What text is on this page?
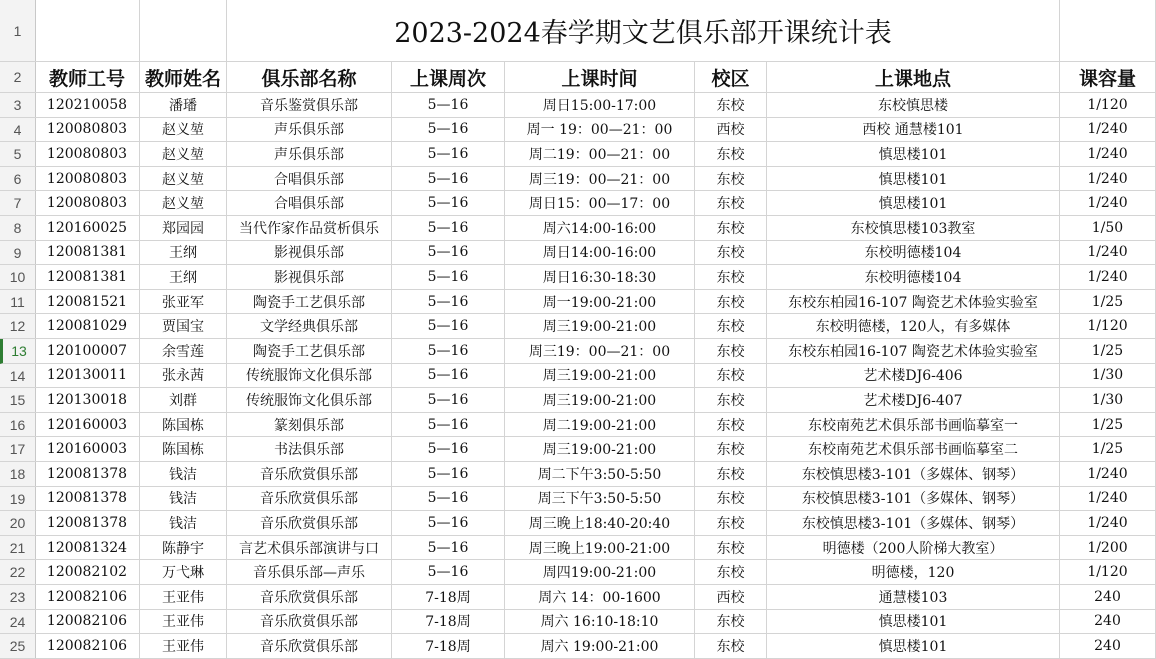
1
2
3
4
5
6
7
8
9
10
11
12
13
14
15
16
17
18
19
20
21
22
23
24
25
2023-2024春学期文艺俱乐部开课统计表
教师工号	教师姓名	俱乐部名称	上课周次	上课时间	校区	上课地点	课容量
120210058	潘璠	音乐鉴赏俱乐部	5—16	周日15:00-17:00	东校	东校慎思楼	1/120
120080803	赵义堃	声乐俱乐部	5—16	周一 19：00—21：00	西校	西校 通慧楼101	1/240
120080803	赵义堃	声乐俱乐部	5—16	周二19：00—21：00	东校	慎思楼101	1/240
120080803	赵义堃	合唱俱乐部	5—16	周三19：00—21：00	东校	慎思楼101	1/240
120080803	赵义堃	合唱俱乐部	5—16	周日15：00—17：00	东校	慎思楼101	1/240
120160025	郑园园	当代作家作品赏析俱乐	5—16	周六14:00-16:00	东校	东校慎思楼103教室	1/50
120081381	王纲	影视俱乐部	5—16	周日14:00-16:00	东校	东校明德楼104	1/240
120081381	王纲	影视俱乐部	5—16	周日16:30-18:30	东校	东校明德楼104	1/240
120081521	张亚军	陶瓷手工艺俱乐部	5—16	周一19:00-21:00	东校	东校东柏园16-107 陶瓷艺术体验实验室	1/25
120081029	贾国宝	文学经典俱乐部	5—16	周三19:00-21:00	东校	东校明德楼，120人，有多媒体	1/120
120100007	余雪莲	陶瓷手工艺俱乐部	5—16	周三19：00—21：00	东校	东校东柏园16-107 陶瓷艺术体验实验室	1/25
120130011	张永茜	传统服饰文化俱乐部	5—16	周三19:00-21:00	东校	艺术楼DJ6-406	1/30
120130018	刘群	传统服饰文化俱乐部	5—16	周三19:00-21:00	东校	艺术楼DJ6-407	1/30
120160003	陈国栋	篆刻俱乐部	5—16	周二19:00-21:00	东校	东校南苑艺术俱乐部书画临摹室一	1/25
120160003	陈国栋	书法俱乐部	5—16	周三19:00-21:00	东校	东校南苑艺术俱乐部书画临摹室二	1/25
120081378	钱洁	音乐欣赏俱乐部	5—16	周二下午3:50-5:50	东校	东校慎思楼3-101（多媒体、钢琴）	1/240
120081378	钱洁	音乐欣赏俱乐部	5—16	周三下午3:50-5:50	东校	东校慎思楼3-101（多媒体、钢琴）	1/240
120081378	钱洁	音乐欣赏俱乐部	5—16	周三晚上18:40-20:40	东校	东校慎思楼3-101（多媒体、钢琴）	1/240
120081324	陈静宇	言艺术俱乐部演讲与口	5—16	周三晚上19:00-21:00	东校	明德楼（200人阶梯大教室）	1/200
120082102	万弋琳	音乐俱乐部—声乐	5—16	周四19:00-21:00	东校	明德楼，120	1/120
120082106	王亚伟	音乐欣赏俱乐部	7-18周	周六 14：00-1600	西校	通慧楼103	240
120082106	王亚伟	音乐欣赏俱乐部	7-18周	周六 16:10-18:10	东校	慎思楼101	240
120082106	王亚伟	音乐欣赏俱乐部	7-18周	周六 19:00-21:00	东校	慎思楼101	240
